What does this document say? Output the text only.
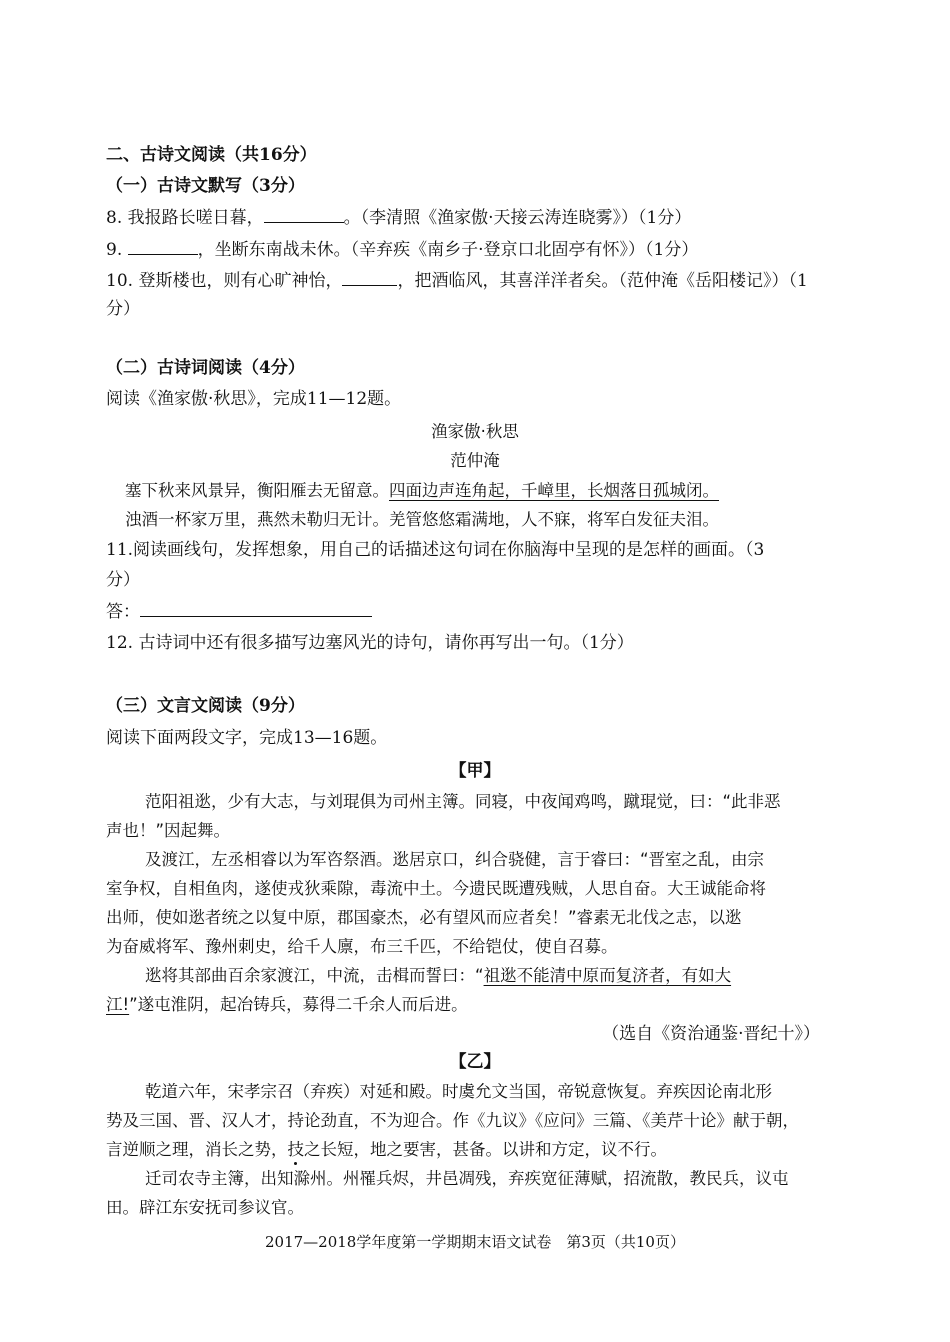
二、古诗文阅读（共16分）
（一）古诗文默写（3分）
8. 我报路长嗟日暮，	。（李清照《渔家傲·天接云涛连晓雾》）（1分）
9.	，坐断东南战未休。（辛弃疾《南乡子·登京口北固亭有怀》）（1分）
10. 登斯楼也，则有心旷神怡，	，把酒临风，其喜洋洋者矣。（范仲淹《岳阳楼记》）（1
分）
（二）古诗词阅读（4分）
阅读《渔家傲·秋思》，完成11—12题。
渔家傲·秋思
范仲淹
塞下秋来风景异，衡阳雁去无留意。四面边声连角起，千嶂里，长烟落日孤城闭。
浊酒一杯家万里，燕然未勒归无计。羌管悠悠霜满地，人不寐，将军白发征夫泪。
11.阅读画线句，发挥想象，用自己的话描述这句词在你脑海中呈现的是怎样的画面。（3
分）
答：
12. 古诗词中还有很多描写边塞风光的诗句，请你再写出一句。（1分）
（三）文言文阅读（9分）
阅读下面两段文字，完成13—16题。
【甲】
范阳祖逖，少有大志，与刘琨俱为司州主簿。同寝，中夜闻鸡鸣，蹴琨觉，曰：“此非恶
声也！”因起舞。
及渡江，左丞相睿以为军咨祭酒。逖居京口，纠合骁健，言于睿曰：“晋室之乱，由宗
室争权，自相鱼肉，遂使戎狄乘隙，毒流中土。今遗民既遭残贼，人思自奋。大王诚能命将
出师，使如逖者统之以复中原，郡国豪杰，必有望风而应者矣！”睿素无北伐之志，以逖
为奋威将军、豫州刺史，给千人廪，布三千匹，不给铠仗，使自召募。
逖将其部曲百余家渡江，中流，击楫而誓曰：“祖逖不能清中原而复济者，有如大
江!”遂屯淮阴，起冶铸兵，募得二千余人而后进。
（选自《资治通鉴·晋纪十》）
【乙】
乾道六年，宋孝宗召（弃疾）对延和殿。时虞允文当国，帝锐意恢复。弃疾因论南北形
势及三国、晋、汉人才，持论劲直，不为迎合。作《九议》《应问》三篇、《美芹十论》献于朝，
言逆顺之理，消长之势，技之长短，地之要害，甚备。以讲和方定，议不行。
迁司农寺主簿，出知滁州。州罹兵烬，井邑凋残，弃疾宽征薄赋，招流散，教民兵，议屯
田。辟江东安抚司参议官。
2017—2018学年度第一学期期末语文试卷　第3页（共10页）
